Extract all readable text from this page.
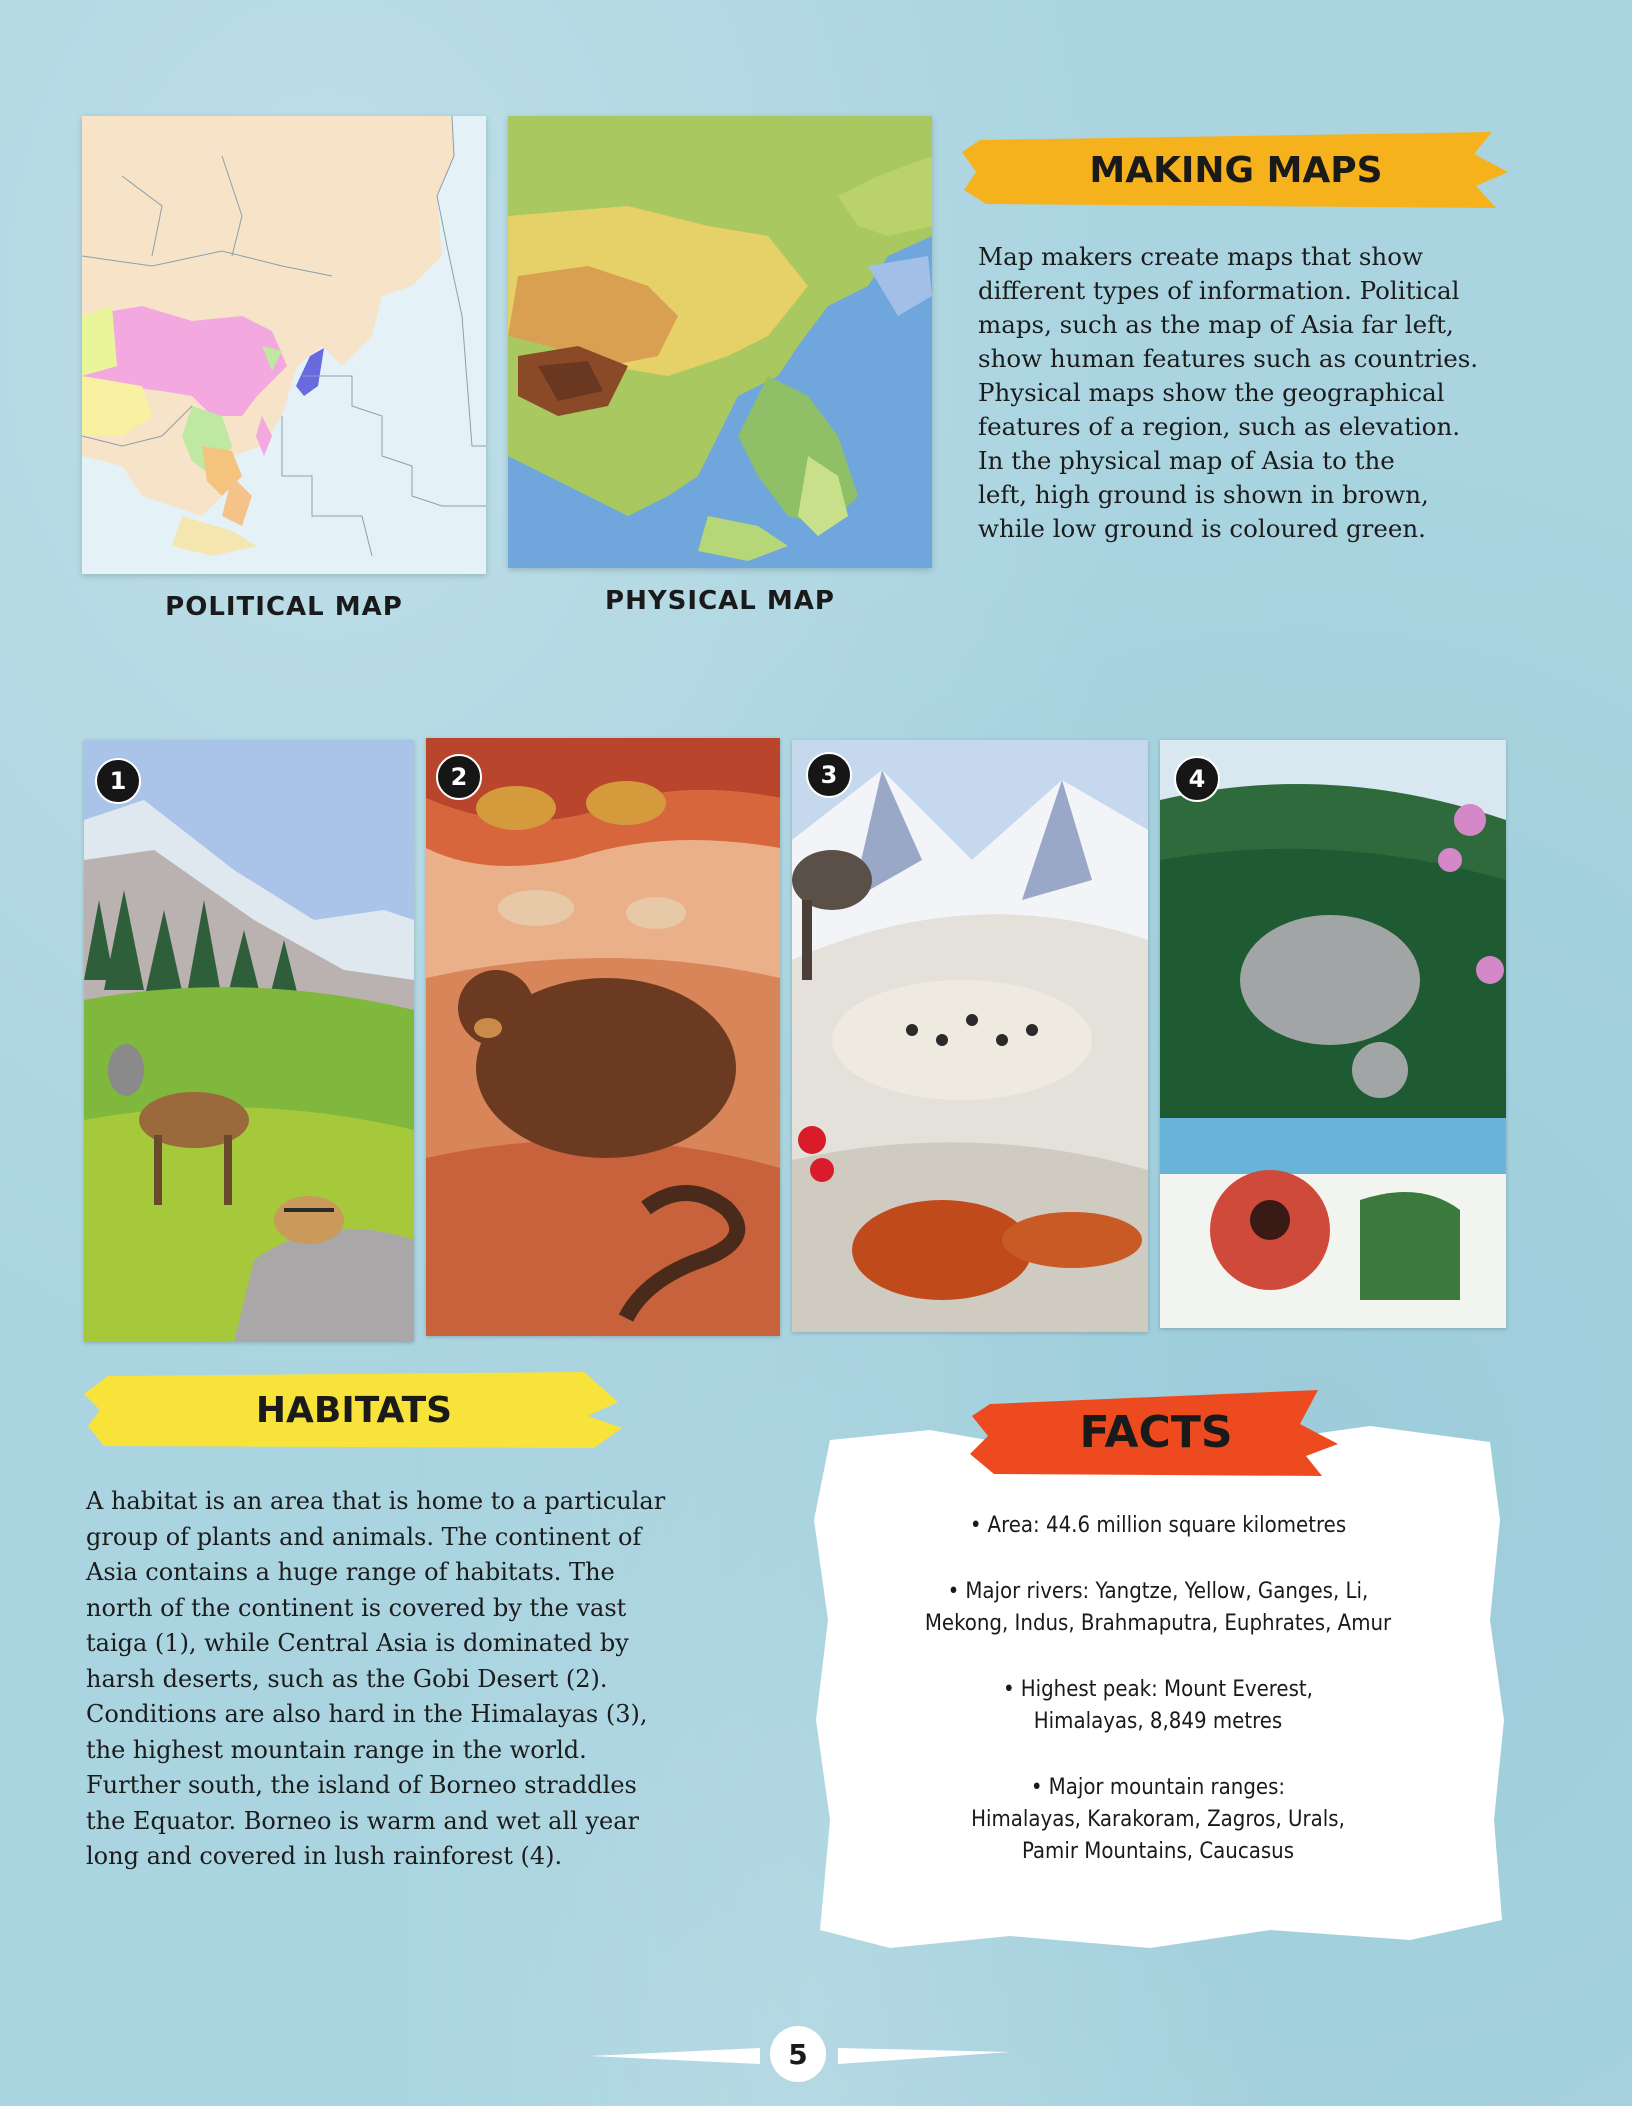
POLITICAL MAP	PHYSICAL MAP
MAKING MAPS
Map makers create maps that show
different types of information. Political
maps, such as the map of Asia far left,
show human features such as countries.
Physical maps show the geographical
features of a region, such as elevation.
In the physical map of Asia to the
left, high ground is shown in brown,
while low ground is coloured green.
1	2	3	4
HABITATS
A habitat is an area that is home to a particular
group of plants and animals. The continent of
Asia contains a huge range of habitats. The
north of the continent is covered by the vast
taiga (1), while Central Asia is dominated by
harsh deserts, such as the Gobi Desert (2).
Conditions are also hard in the Himalayas (3),
the highest mountain range in the world.
Further south, the island of Borneo straddles
the Equator. Borneo is warm and wet all year
long and covered in lush rainforest (4).
FACTS
• Area: 44.6 million square kilometres
• Major rivers: Yangtze, Yellow, Ganges, Li,
Mekong, Indus, Brahmaputra, Euphrates, Amur
• Highest peak: Mount Everest,
Himalayas, 8,849 metres
• Major mountain ranges:
Himalayas, Karakoram, Zagros, Urals,
Pamir Mountains, Caucasus
5
